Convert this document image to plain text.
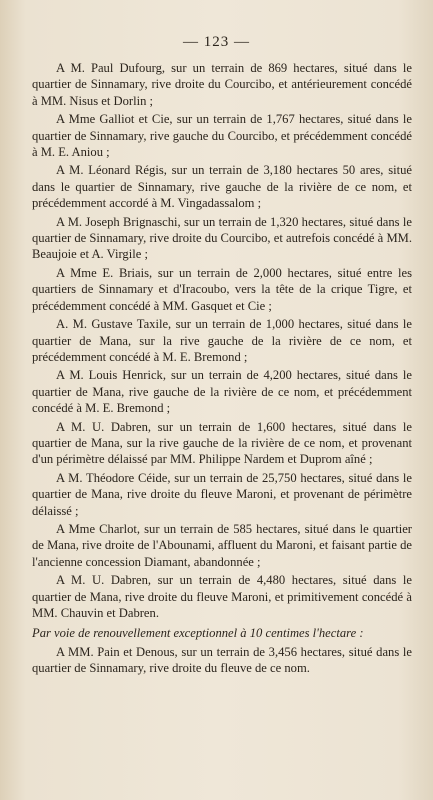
— 123 —

A M. Paul Dufourg, sur un terrain de 869 hectares, situé dans le quartier de Sinnamary, rive droite du Courcibo, et antérieurement concédé à MM. Nisus et Dorlin ;

A Mme Galliot et Cie, sur un terrain de 1,767 hectares, situé dans le quartier de Sinnamary, rive gauche du Courcibo, et précédemment concédé à M. E. Aniou ;

A M. Léonard Régis, sur un terrain de 3,180 hectares 50 ares, situé dans le quartier de Sinnamary, rive gauche de la rivière de ce nom, et précédemment accordé à M. Vingadassalom ;

A M. Joseph Brignaschi, sur un terrain de 1,320 hectares, situé dans le quartier de Sinnamary, rive droite du Courcibo, et autrefois concédé à MM. Beaujoie et A. Virgile ;

A Mme E. Briais, sur un terrain de 2,000 hectares, situé entre les quartiers de Sinnamary et d'Iracoubo, vers la tête de la crique Tigre, et précédemment concédé à MM. Gasquet et Cie ;

A. M. Gustave Taxile, sur un terrain de 1,000 hectares, situé dans le quartier de Mana, sur la rive gauche de la rivière de ce nom, et précédemment concédé à M. E. Bremond ;

A M. Louis Henrick, sur un terrain de 4,200 hectares, situé dans le quartier de Mana, rive gauche de la rivière de ce nom, et précédemment concédé à M. E. Bremond ;

A M. U. Dabren, sur un terrain de 1,600 hectares, situé dans le quartier de Mana, sur la rive gauche de la rivière de ce nom, et provenant d'un périmètre délaissé par MM. Philippe Nardem et Duprom aîné ;

A M. Théodore Céide, sur un terrain de 25,750 hectares, situé dans le quartier de Mana, rive droite du fleuve Maroni, et provenant de périmètre délaissé ;

A Mme Charlot, sur un terrain de 585 hectares, situé dans le quartier de Mana, rive droite de l'Abounami, affluent du Maroni, et faisant partie de l'ancienne concession Diamant, abandonnée ;

A M. U. Dabren, sur un terrain de 4,480 hectares, situé dans le quartier de Mana, rive droite du fleuve Maroni, et primitivement concédé à MM. Chauvin et Dabren.

Par voie de renouvellement exceptionnel à 10 centimes l'hectare :

A MM. Pain et Denous, sur un terrain de 3,456 hectares, situé dans le quartier de Sinnamary, rive droite du fleuve de ce nom.
